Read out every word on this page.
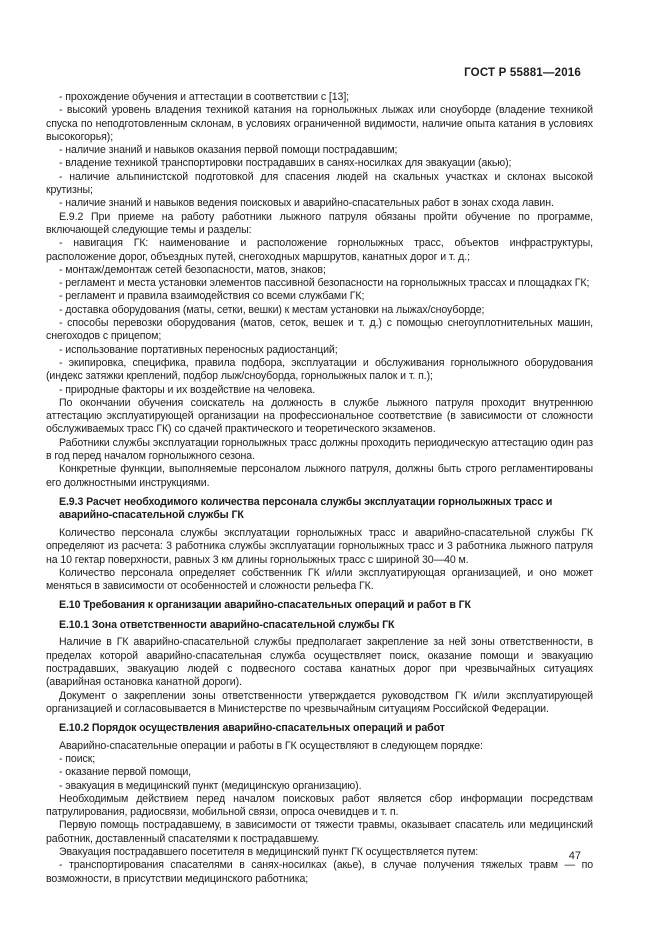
ГОСТ Р 55881—2016
- прохождение обучения и аттестации в соответствии с [13];
- высокий уровень владения техникой катания на горнолыжных лыжах или сноуборде (владение техникой спуска по неподготовленным склонам, в условиях ограниченной видимости, наличие опыта катания в условиях высокогорья);
- наличие знаний и навыков оказания первой помощи пострадавшим;
- владение техникой транспортировки пострадавших в санях-носилках для эвакуации (акью);
- наличие альпинистской подготовкой для спасения людей на скальных участках и склонах высокой крутизны;
- наличие знаний и навыков ведения поисковых и аварийно-спасательных работ в зонах схода лавин.
Е.9.2 При приеме на работу работники лыжного патруля обязаны пройти обучение по программе, включающей следующие темы и разделы:
- навигация ГК: наименование и расположение горнолыжных трасс, объектов инфраструктуры, расположение дорог, объездных путей, снегоходных маршрутов, канатных дорог и т. д.;
- монтаж/демонтаж сетей безопасности, матов, знаков;
- регламент и места установки элементов пассивной безопасности на горнолыжных трассах и площадках ГК;
- регламент и правила взаимодействия со всеми службами ГК;
- доставка оборудования (маты, сетки, вешки) к местам установки на лыжах/сноуборде;
- способы перевозки оборудования (матов, сеток, вешек и т. д.) с помощью снегоуплотнительных машин, снегоходов с прицепом;
- использование портативных переносных радиостанций;
- экипировка, специфика, правила подбора, эксплуатации и обслуживания горнолыжного оборудования (индекс затяжки креплений, подбор лыж/сноуборда, горнолыжных палок и т. п.);
- природные факторы и их воздействие на человека.
По окончании обучения соискатель на должность в службе лыжного патруля проходит внутреннюю аттестацию эксплуатирующей организации на профессиональное соответствие (в зависимости от сложности обслуживаемых трасс ГК) со сдачей практического и теоретического экзаменов.
Работники службы эксплуатации горнолыжных трасс должны проходить периодическую аттестацию один раз в год перед началом горнолыжного сезона.
Конкретные функции, выполняемые персоналом лыжного патруля, должны быть строго регламентированы его должностными инструкциями.
Е.9.3 Расчет необходимого количества персонала службы эксплуатации горнолыжных трасс и аварийно-спасательной службы ГК
Количество персонала службы эксплуатации горнолыжных трасс и аварийно-спасательной службы ГК определяют из расчета: 3 работника службы эксплуатации горнолыжных трасс и 3 работника лыжного патруля на 10 гектар поверхности, равных 3 км длины горнолыжных трасс с шириной 30—40 м.
Количество персонала определяет собственник ГК и/или эксплуатирующая организацией, и оно может меняться в зависимости от особенностей и сложности рельефа ГК.
Е.10 Требования к организации аварийно-спасательных операций и работ в ГК
Е.10.1 Зона ответственности аварийно-спасательной службы ГК
Наличие в ГК аварийно-спасательной службы предполагает закрепление за ней зоны ответственности, в пределах которой аварийно-спасательная служба осуществляет поиск, оказание помощи и эвакуацию пострадавших, эвакуацию людей с подвесного состава канатных дорог при чрезвычайных ситуациях (аварийная остановка канатной дороги).
Документ о закреплении зоны ответственности утверждается руководством ГК и/или эксплуатирующей организацией и согласовывается в Министерстве по чрезвычайным ситуациям Российской Федерации.
Е.10.2 Порядок осуществления аварийно-спасательных операций и работ
Аварийно-спасательные операции и работы в ГК осуществляют в следующем порядке:
- поиск;
- оказание первой помощи,
- эвакуация в медицинский пункт (медицинскую организацию).
Необходимым действием перед началом поисковых работ является сбор информации посредствам патрулирования, радиосвязи, мобильной связи, опроса очевидцев и т. п.
Первую помощь пострадавшему, в зависимости от тяжести травмы, оказывает спасатель или медицинский работник, доставленный спасателями к пострадавшему.
Эвакуация пострадавшего посетителя в медицинский пункт ГК осуществляется путем:
- транспортирования спасателями в санях-носилках (акье), в случае получения тяжелых травм — по возможности, в присутствии медицинского работника;
47
